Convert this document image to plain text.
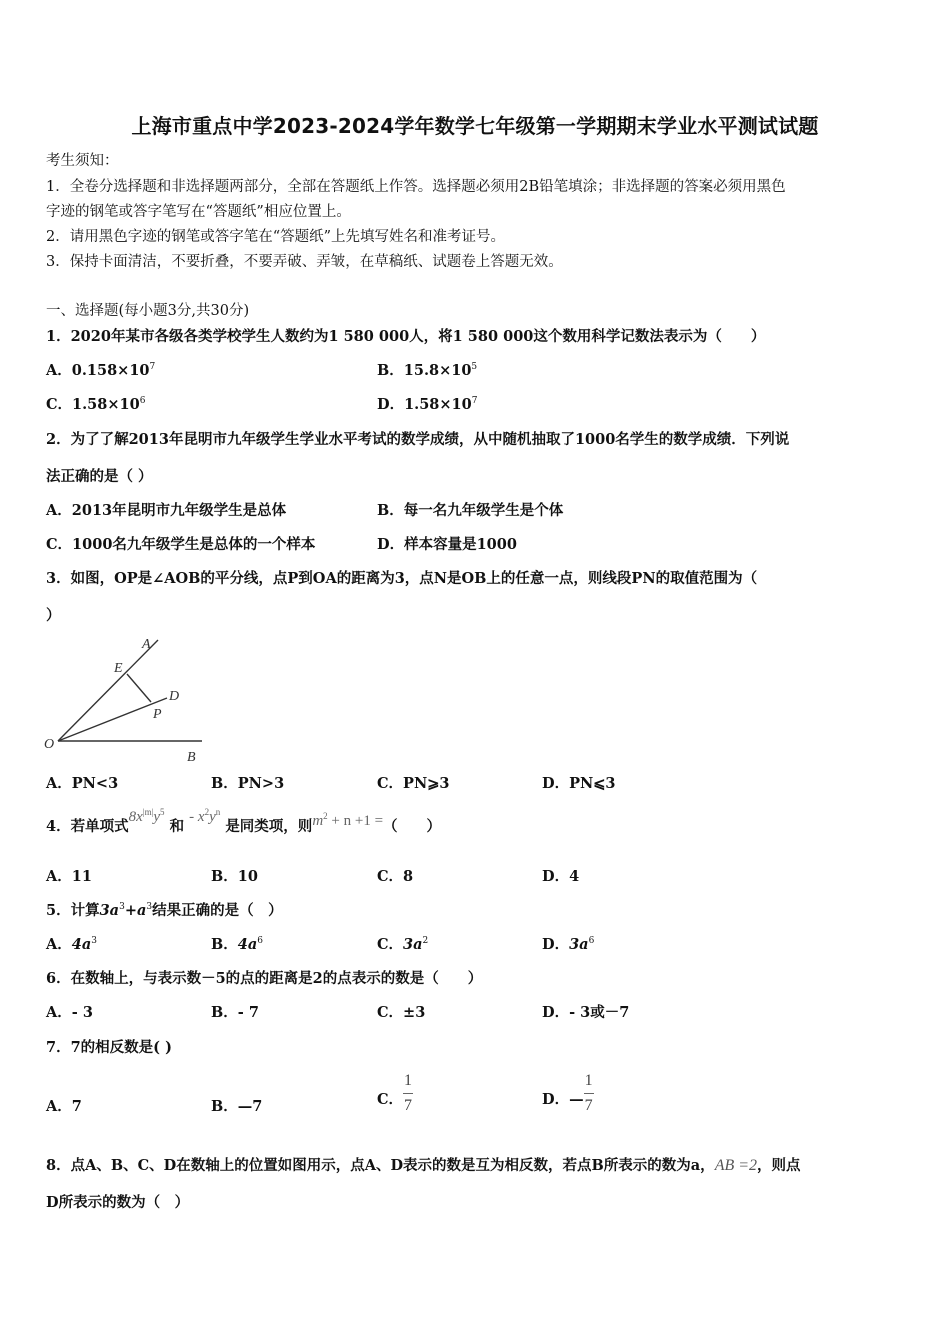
上海市重点中学2023-2024学年数学七年级第一学期期末学业水平测试试题
考生须知：
1．全卷分选择题和非选择题两部分，全部在答题纸上作答。选择题必须用2B铅笔填涂；非选择题的答案必须用黑色
字迹的钢笔或答字笔写在“答题纸”相应位置上。
2．请用黑色字迹的钢笔或答字笔在“答题纸”上先填写姓名和准考证号。
3．保持卡面清洁，不要折叠，不要弄破、弄皱，在草稿纸、试题卷上答题无效。
一、选择题(每小题3分,共30分)
1．2020年某市各级各类学校学生人数约为1 580 000人，将1 580 000这个数用科学记数法表示为（　　）
A．$0.158\times 10^7$	B．$15.8\times 10^5$
C．$1.58\times 10^6$	D．$1.58\times 10^7$
2．为了了解2013年昆明市九年级学生学业水平考试的数学成绩，从中随机抽取了1000名学生的数学成绩．下列说
法正确的是（ ）
A．2013年昆明市九年级学生是总体	B．每一名九年级学生是个体
C．1000名九年级学生是总体的一个样本	D．样本容量是1000
3．如图，OP是∠AOB的平分线，点P到OA的距离为3，点N是OB上的任意一点，则线段PN的取值范围为（
）
A
E
D
P
O
B
A．PN<3	B．PN>3	C．PN⩾3	D．PN⩽3
4．若单项式$8x^{|m|}y^5$ 和 - $x^2y^n$ 是同类项，则$m^2 + n +1$ =（　　）
A．11	B．10	C．8	D．4
5．计算$3a^3+a^3$结果正确的是（　）
A．$4a^3$	B．$4a^6$	C．$3a^2$	D．$3a^6$
6．在数轴上，与表示数－5的点的距离是2的点表示的数是（　　）
A．- 3	B．- 7	C．±3	D．- 3或－7
7．7的相反数是( )
A．7	B．—7	C． $\frac{1}{7}$	D．— $\frac{1}{7}$
8．点A、B、C、D在数轴上的位置如图用示，点A、D表示的数是互为相反数，若点B所表示的数为a，AB =2，则点
D所表示的数为（　）
